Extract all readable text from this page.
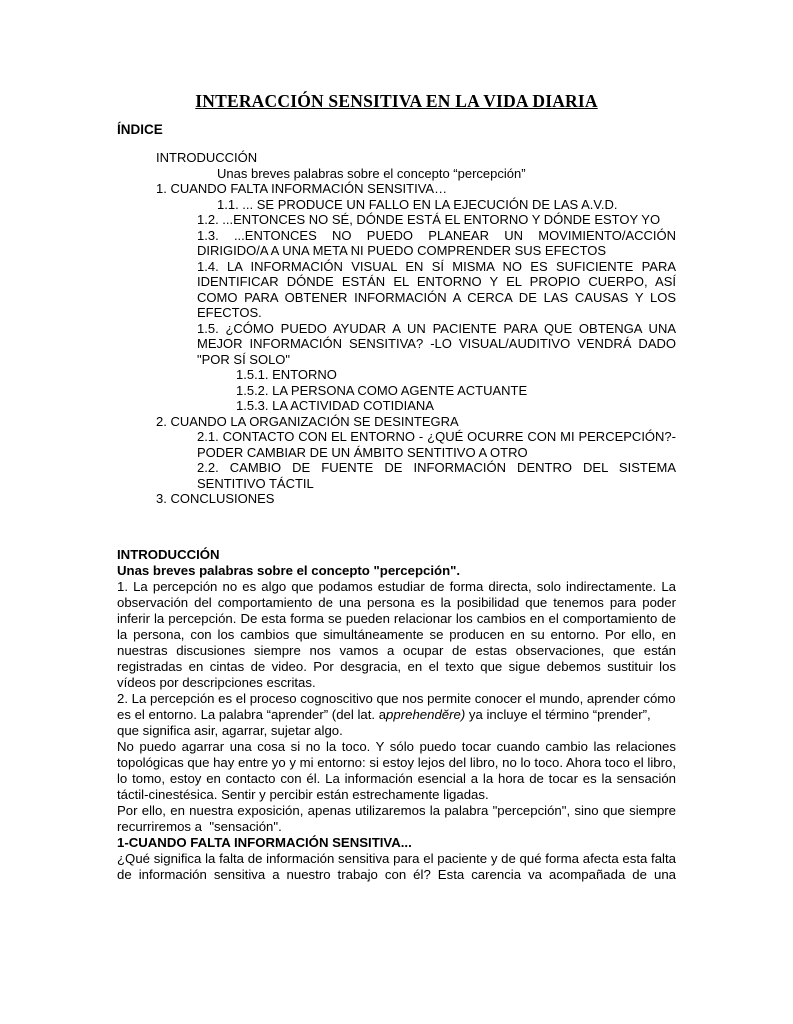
INTERACCIÓN SENSITIVA EN LA VIDA DIARIA
ÍNDICE
INTRODUCCIÓN
Unas breves palabras sobre el concepto “percepción”
1. CUANDO FALTA INFORMACIÓN SENSITIVA…
1.1. ... SE PRODUCE UN FALLO EN LA EJECUCIÓN DE LAS A.V.D.
1.2. ...ENTONCES NO SÉ, DÓNDE ESTÁ EL ENTORNO Y DÓNDE ESTOY YO
1.3. ...ENTONCES NO PUEDO PLANEAR UN MOVIMIENTO/ACCIÓN DIRIGIDO/A A UNA META NI PUEDO COMPRENDER SUS EFECTOS
1.4. LA INFORMACIÓN VISUAL EN SÍ MISMA NO ES SUFICIENTE PARA IDENTIFICAR DÓNDE ESTÁN EL ENTORNO Y EL PROPIO CUERPO, ASÍ COMO PARA OBTENER INFORMACIÓN A CERCA DE LAS CAUSAS Y LOS EFECTOS.
1.5. ¿CÓMO PUEDO AYUDAR A UN PACIENTE PARA QUE OBTENGA UNA MEJOR INFORMACIÓN SENSITIVA? -LO VISUAL/AUDITIVO VENDRÁ DADO "POR SÍ SOLO"
1.5.1. ENTORNO
1.5.2. LA PERSONA COMO AGENTE ACTUANTE
1.5.3. LA ACTIVIDAD COTIDIANA
2. CUANDO LA ORGANIZACIÓN SE DESINTEGRA
2.1. CONTACTO CON EL ENTORNO - ¿QUÉ OCURRE CON MI PERCEPCIÓN?- PODER CAMBIAR DE UN ÁMBITO SENTITIVO A OTRO
2.2. CAMBIO DE FUENTE DE INFORMACIÓN DENTRO DEL SISTEMA SENTITIVO TÁCTIL
3. CONCLUSIONES

INTRODUCCIÓN

Unas breves palabras sobre el concepto "percepción".

1. La percepción no es algo que podamos estudiar de forma directa, solo indirectamente. La observación del comportamiento de una persona es la posibilidad que tenemos para poder inferir la percepción. De esta forma se pueden relacionar los cambios en el comportamiento de la persona, con los cambios que simultáneamente se producen en su entorno. Por ello, en nuestras discusiones siempre nos vamos a ocupar de estas observaciones, que están registradas en cintas de video. Por desgracia, en el texto que sigue debemos sustituir los vídeos por descripciones escritas.

2. La percepción es el proceso cognoscitivo que nos permite conocer el mundo, aprender cómo es el entorno. La palabra “aprender” (del lat. apprehendĕre) ya incluye el término “prender”, que significa asir, agarrar, sujetar algo.

No puedo agarrar una cosa si no la toco. Y sólo puedo tocar cuando cambio las relaciones topológicas que hay entre yo y mi entorno: si estoy lejos del libro, no lo toco. Ahora toco el libro, lo tomo, estoy en contacto con él. La información esencial a la hora de tocar es la sensación táctil-cinestésica. Sentir y percibir están estrechamente ligadas.

Por ello, en nuestra exposición, apenas utilizaremos la palabra "percepción", sino que siempre recurriremos a  "sensación".

1-CUANDO FALTA INFORMACIÓN SENSITIVA...

¿Qué significa la falta de información sensitiva para el paciente y de qué forma afecta esta falta de información sensitiva a nuestro trabajo con él? Esta carencia va acompañada de una
